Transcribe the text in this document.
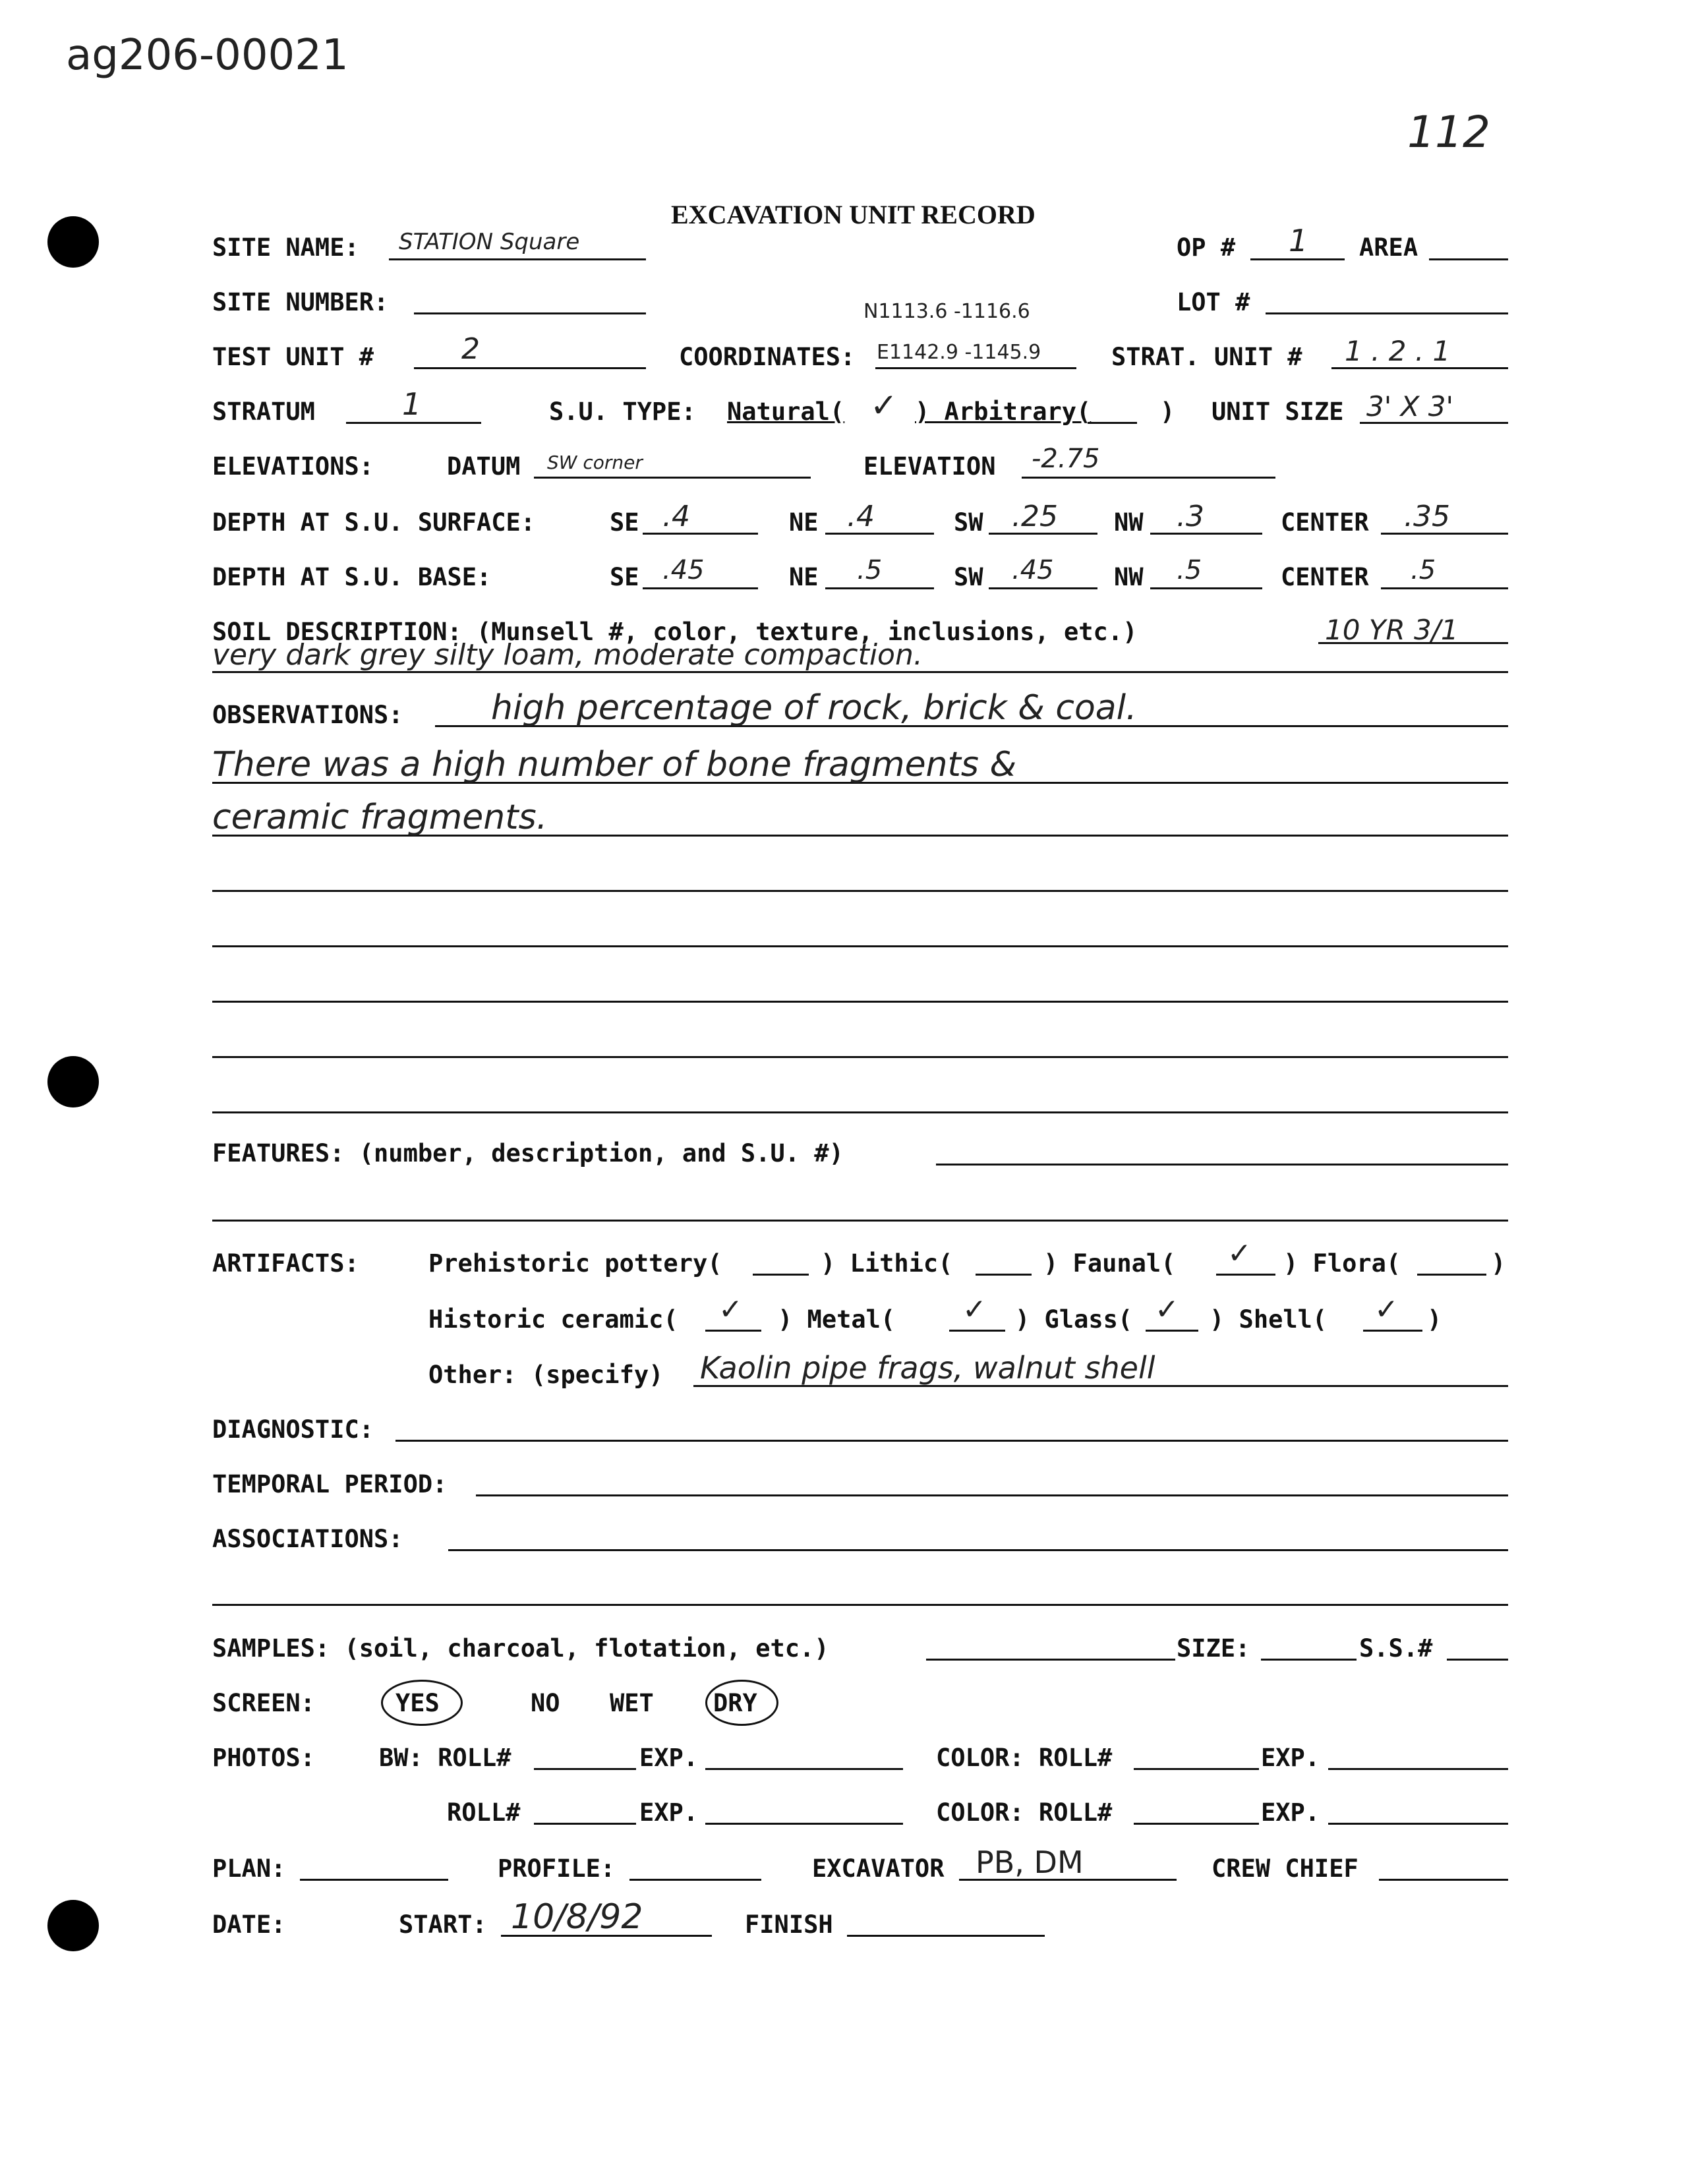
ag206-00021
112
EXCAVATION UNIT RECORD
SITE NAME: STATION Square	OP # 1 AREA
SITE NUMBER:	N1113.6 -1116.6	LOT #
TEST UNIT #	2	COORDINATES: E1142.9 -1145.9	STRAT. UNIT # 1 . 2 . 1
STRATUM	1	S.U. TYPE: Natural( ✓ ) Arbitrary(	) UNIT SIZE 3' X 3'
ELEVATIONS:	DATUM SW corner	ELEVATION -2.75
DEPTH AT S.U. SURFACE:	SE .4	NE .4	SW .25 NW .3	CENTER .35
DEPTH AT S.U. BASE:	SE .45	NE .5	SW .45 NW .5	CENTER .5
SOIL DESCRIPTION: (Munsell #, color, texture, inclusions, etc.)	10 YR 3/1
very dark grey silty loam, moderate compaction.
OBSERVATIONS:	high percentage of rock, brick & coal.
There was a high number of bone fragments &
ceramic fragments.
FEATURES: (number, description, and S.U. #)
ARTIFACTS:	Prehistoric pottery(	) Lithic(	) Faunal( ✓ ) Flora(	)
Historic ceramic( ✓ ) Metal( ✓ ) Glass( ✓ ) Shell( ✓ )
Other: (specify) Kaolin pipe frags, walnut shell
DIAGNOSTIC:
TEMPORAL PERIOD:
ASSOCIATIONS:
SAMPLES: (soil, charcoal, flotation, etc.)	SIZE:	S.S.#
SCREEN:	YES	NO WET DRY
PHOTOS:	BW: ROLL#	EXP.	COLOR: ROLL#	EXP.
ROLL#	EXP.	COLOR: ROLL#	EXP.
PLAN:	PROFILE:	EXCAVATOR PB, DM	CREW CHIEF
DATE:	START: 10/8/92	FINISH
